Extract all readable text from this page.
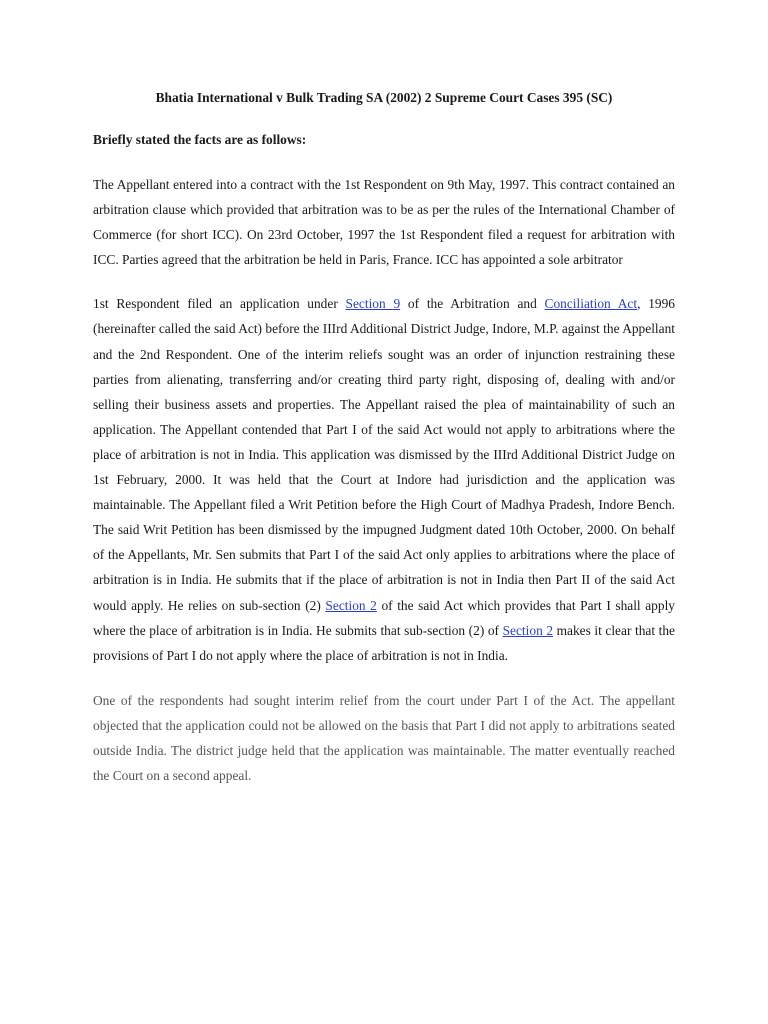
Bhatia International v Bulk Trading SA (2002) 2 Supreme Court Cases 395 (SC)

Briefly stated the facts are as follows:

The Appellant entered into a contract with the 1st Respondent on 9th May, 1997. This contract contained an arbitration clause which provided that arbitration was to be as per the rules of the International Chamber of Commerce (for short ICC). On 23rd October, 1997 the 1st Respondent filed a request for arbitration with ICC. Parties agreed that the arbitration be held in Paris, France. ICC has appointed a sole arbitrator

1st Respondent filed an application under Section 9 of the Arbitration and Conciliation Act, 1996 (hereinafter called the said Act) before the IIIrd Additional District Judge, Indore, M.P. against the Appellant and the 2nd Respondent. One of the interim reliefs sought was an order of injunction restraining these parties from alienating, transferring and/or creating third party right, disposing of, dealing with and/or selling their business assets and properties. The Appellant raised the plea of maintainability of such an application. The Appellant contended that Part I of the said Act would not apply to arbitrations where the place of arbitration is not in India. This application was dismissed by the IIIrd Additional District Judge on 1st February, 2000. It was held that the Court at Indore had jurisdiction and the application was maintainable. The Appellant filed a Writ Petition before the High Court of Madhya Pradesh, Indore Bench. The said Writ Petition has been dismissed by the impugned Judgment dated 10th October, 2000. On behalf of the Appellants, Mr. Sen submits that Part I of the said Act only applies to arbitrations where the place of arbitration is in India. He submits that if the place of arbitration is not in India then Part II of the said Act would apply. He relies on sub-section (2) Section 2 of the said Act which provides that Part I shall apply where the place of arbitration is in India. He submits that sub-section (2) of Section 2 makes it clear that the provisions of Part I do not apply where the place of arbitration is not in India.

One of the respondents had sought interim relief from the court under Part I of the Act. The appellant objected that the application could not be allowed on the basis that Part I did not apply to arbitrations seated outside India. The district judge held that the application was maintainable. The matter eventually reached the Court on a second appeal.
